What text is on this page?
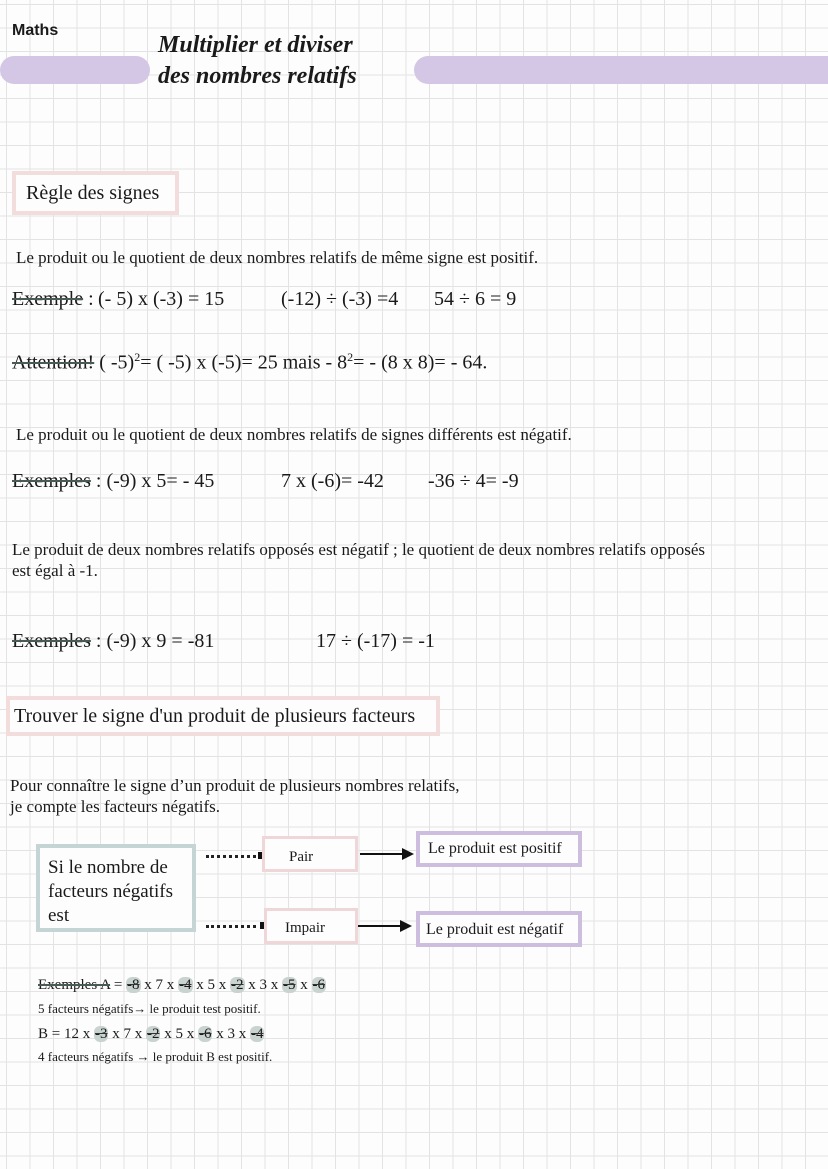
Maths
Multiplier et diviser
des nombres relatifs
Règle des signes
Le produit ou le quotient de deux nombres relatifs de même signe est positif.
Exemple : (- 5) x (-3) = 15	(-12) ÷ (-3) =4 54 ÷ 6 = 9
Attention! ( -5)$^2$= ( -5) x (-5)= 25 mais - $8^2= - (8$ x 8)= - 64.
Le produit ou le quotient de deux nombres relatifs de signes différents est négatif.
Exemples : (-9) x 5= - 45	7 x (-6)= -42 -36 ÷ 4= -9
Le produit de deux nombres relatifs opposés est négatif ; le quotient de deux nombres relatifs opposés
est égal à -1.
Exemples : (-9) x 9 = -81	17 ÷ (-17) = -1
Trouver le signe d'un produit de plusieurs facteurs
Pour connaître le signe d’un produit de plusieurs nombres relatifs,
je compte les facteurs négatifs.
Si le nombre de
facteurs négatifs
est
Pair	Le produit est positif
Impair	Le produit est négatif
Exemples A = -8 x 7 x -4 x 5 x -2 x 3 x -5 x -6
5 facteurs négatifs→ le produit test positif.
B = 12 x -3 x 7 x -2 x 5 x -6 x 3 x -4
4 facteurs négatifs → le produit B est positif.
